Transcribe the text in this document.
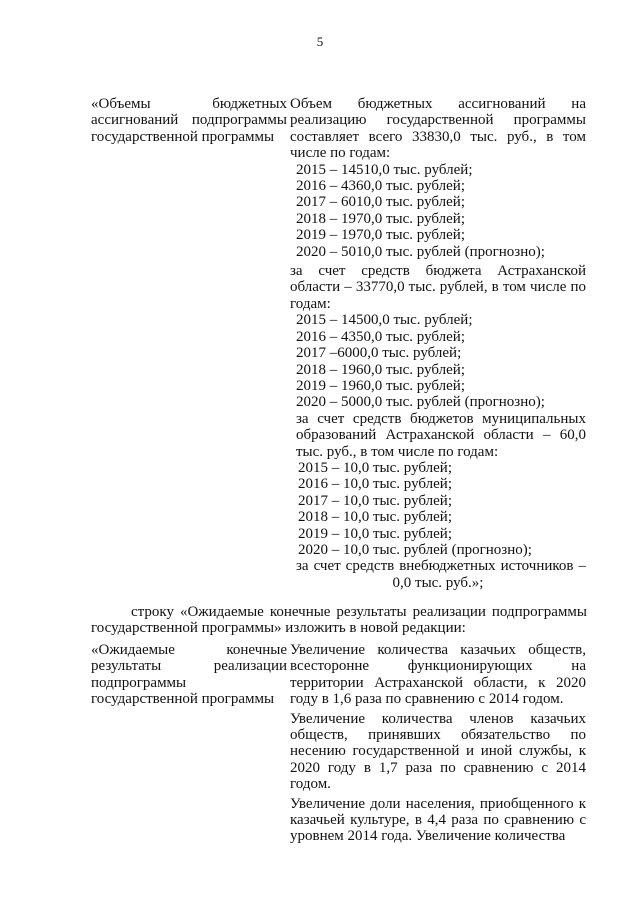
5
«Объемы бюджетных ассигнований подпрограммы государственной программы

Объем бюджетных ассигнований на реализацию государственной программы составляет всего 33830,0 тыс. руб., в том числе по годам:

2015 – 14510,0 тыс. рублей;

2016 – 4360,0 тыс. рублей;

2017 – 6010,0 тыс. рублей;

2018 – 1970,0 тыс. рублей;

2019 – 1970,0 тыс. рублей;

2020 – 5010,0 тыс. рублей (прогнозно);

за счет средств бюджета Астраханской области – 33770,0 тыс. рублей, в том числе по годам:

2015 – 14500,0 тыс. рублей;

2016 – 4350,0 тыс. рублей;

2017 –6000,0 тыс. рублей;

2018 – 1960,0 тыс. рублей;

2019 – 1960,0 тыс. рублей;

2020 – 5000,0 тыс. рублей (прогнозно);

за счет средств бюджетов муниципальных образований Астраханской области – 60,0 тыс. руб., в том числе по годам:

2015 – 10,0 тыс. рублей;

2016 – 10,0 тыс. рублей;

2017 – 10,0 тыс. рублей;

2018 – 10,0 тыс. рублей;

2019 – 10,0 тыс. рублей;

2020 – 10,0 тыс. рублей (прогнозно);

за счет средств внебюджетных источников –

0,0 тыс. руб.»;

строку «Ожидаемые конечные результаты реализации подпрограммы
государственной программы» изложить в новой редакции:
«Ожидаемые конечные результаты реализации подпрограммы государственной программы

Увеличение количества казачьих обществ, всесторонне функционирующих на территории Астраханской области, к 2020 году в 1,6 раза по сравнению с 2014 годом.

Увеличение количества членов казачьих обществ, принявших обязательство по несению государственной и иной службы, к 2020 году в 1,7 раза по сравнению с 2014 годом.

Увеличение доли населения, приобщенного к казачьей культуре, в 4,4 раза по сравнению с уровнем 2014 года. Увеличение количества
